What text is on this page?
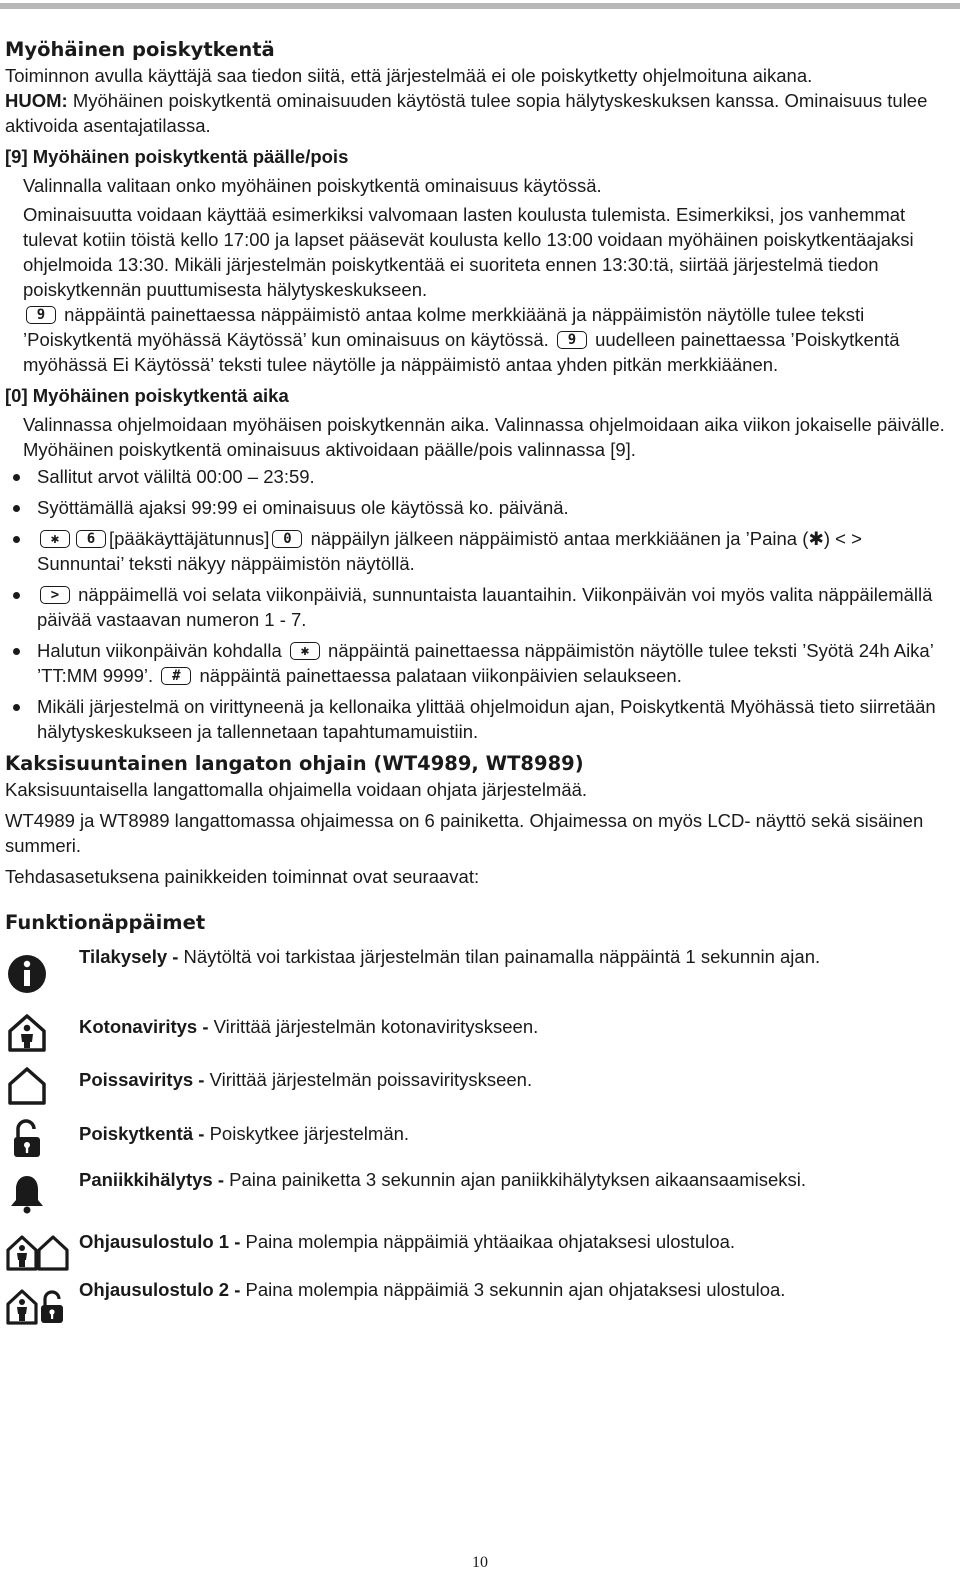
Myöhäinen poiskytkentä

Toiminnon avulla käyttäjä saa tiedon siitä, että järjestelmää ei ole poiskytketty ohjelmoituna aikana.

HUOM: Myöhäinen poiskytkentä ominaisuuden käytöstä tulee sopia hälytyskeskuksen kanssa. Ominaisuus tulee aktivoida asentajatilassa.

[9] Myöhäinen poiskytkentä päälle/pois

Valinnalla valitaan onko myöhäinen poiskytkentä ominaisuus käytössä.

Ominaisuutta voidaan käyttää esimerkiksi valvomaan lasten koulusta tulemista. Esimerkiksi, jos vanhemmat tulevat kotiin töistä kello 17:00 ja lapset pääsevät koulusta kello 13:00 voidaan myöhäinen poiskytkentäajaksi ohjelmoida 13:30. Mikäli järjestelmän poiskytkentää ei suoriteta ennen 13:30:tä, siirtää järjestelmä tiedon poiskytkennän puuttumisesta hälytyskeskukseen.

9 näppäintä painettaessa näppäimistö antaa kolme merkkiäänä ja näppäimistön näytölle tulee teksti ’Poiskytkentä myöhässä Käytössä’ kun ominaisuus on käytössä. 9 uudelleen painettaessa ’Poiskytkentä myöhässä Ei Käytössä’ teksti tulee näytölle ja näppäimistö antaa yhden pitkän merkkiäänen.

[0] Myöhäinen poiskytkentä aika

Valinnassa ohjelmoidaan myöhäisen poiskytkennän aika. Valinnassa ohjelmoidaan aika viikon jokaiselle päivälle. Myöhäinen poiskytkentä ominaisuus aktivoidaan päälle/pois valinnassa [9].

Sallitut arvot väliltä 00:00 – 23:59.
Syöttämällä ajaksi 99:99 ei ominaisuus ole käytössä ko. päivänä.
✱ 6 [pääkäyttäjätunnus] 0 näppäilyn jälkeen näppäimistö antaa merkkiäänen ja ’Paina (✱) < > Sunnuntai’ teksti näkyy näppäimistön näytöllä.
> näppäimellä voi selata viikonpäiviä, sunnuntaista lauantaihin. Viikonpäivän voi myös valita näppäilemällä päivää vastaavan numeron 1 - 7.
Halutun viikonpäivän kohdalla ✱ näppäintä painettaessa näppäimistön näytölle tulee teksti ’Syötä 24h Aika’ ’TT:MM 9999’. # näppäintä painettaessa palataan viikonpäivien selaukseen.
Mikäli järjestelmä on virittyneenä ja kellonaika ylittää ohjelmoidun ajan, Poiskytkentä Myöhässä tieto siirretään hälytyskeskukseen ja tallennetaan tapahtumamuistiin.
Kaksisuuntainen langaton ohjain (WT4989, WT8989)

Kaksisuuntaisella langattomalla ohjaimella voidaan ohjata järjestelmää.

WT4989 ja WT8989 langattomassa ohjaimessa on 6 painiketta. Ohjaimessa on myös LCD- näyttö sekä sisäinen summeri.

Tehdasasetuksena painikkeiden toiminnat ovat seuraavat:

Funktionäppäimet
Tilakysely - Näytöltä voi tarkistaa järjestelmän tilan painamalla näppäintä 1 sekunnin ajan.
Kotonaviritys - Virittää järjestelmän kotonavirityskseen.
Poissaviritys - Virittää järjestelmän poissavirityskseen.
Poiskytkentä - Poiskytkee järjestelmän.
Paniikkihälytys - Paina painiketta 3 sekunnin ajan paniikkihälytyksen aikaansaamiseksi.
Ohjausulostulo 1 - Paina molempia näppäimiä yhtäaikaa ohjataksesi ulostuloa.
Ohjausulostulo 2 - Paina molempia näppäimiä 3 sekunnin ajan ohjataksesi ulostuloa.
10
